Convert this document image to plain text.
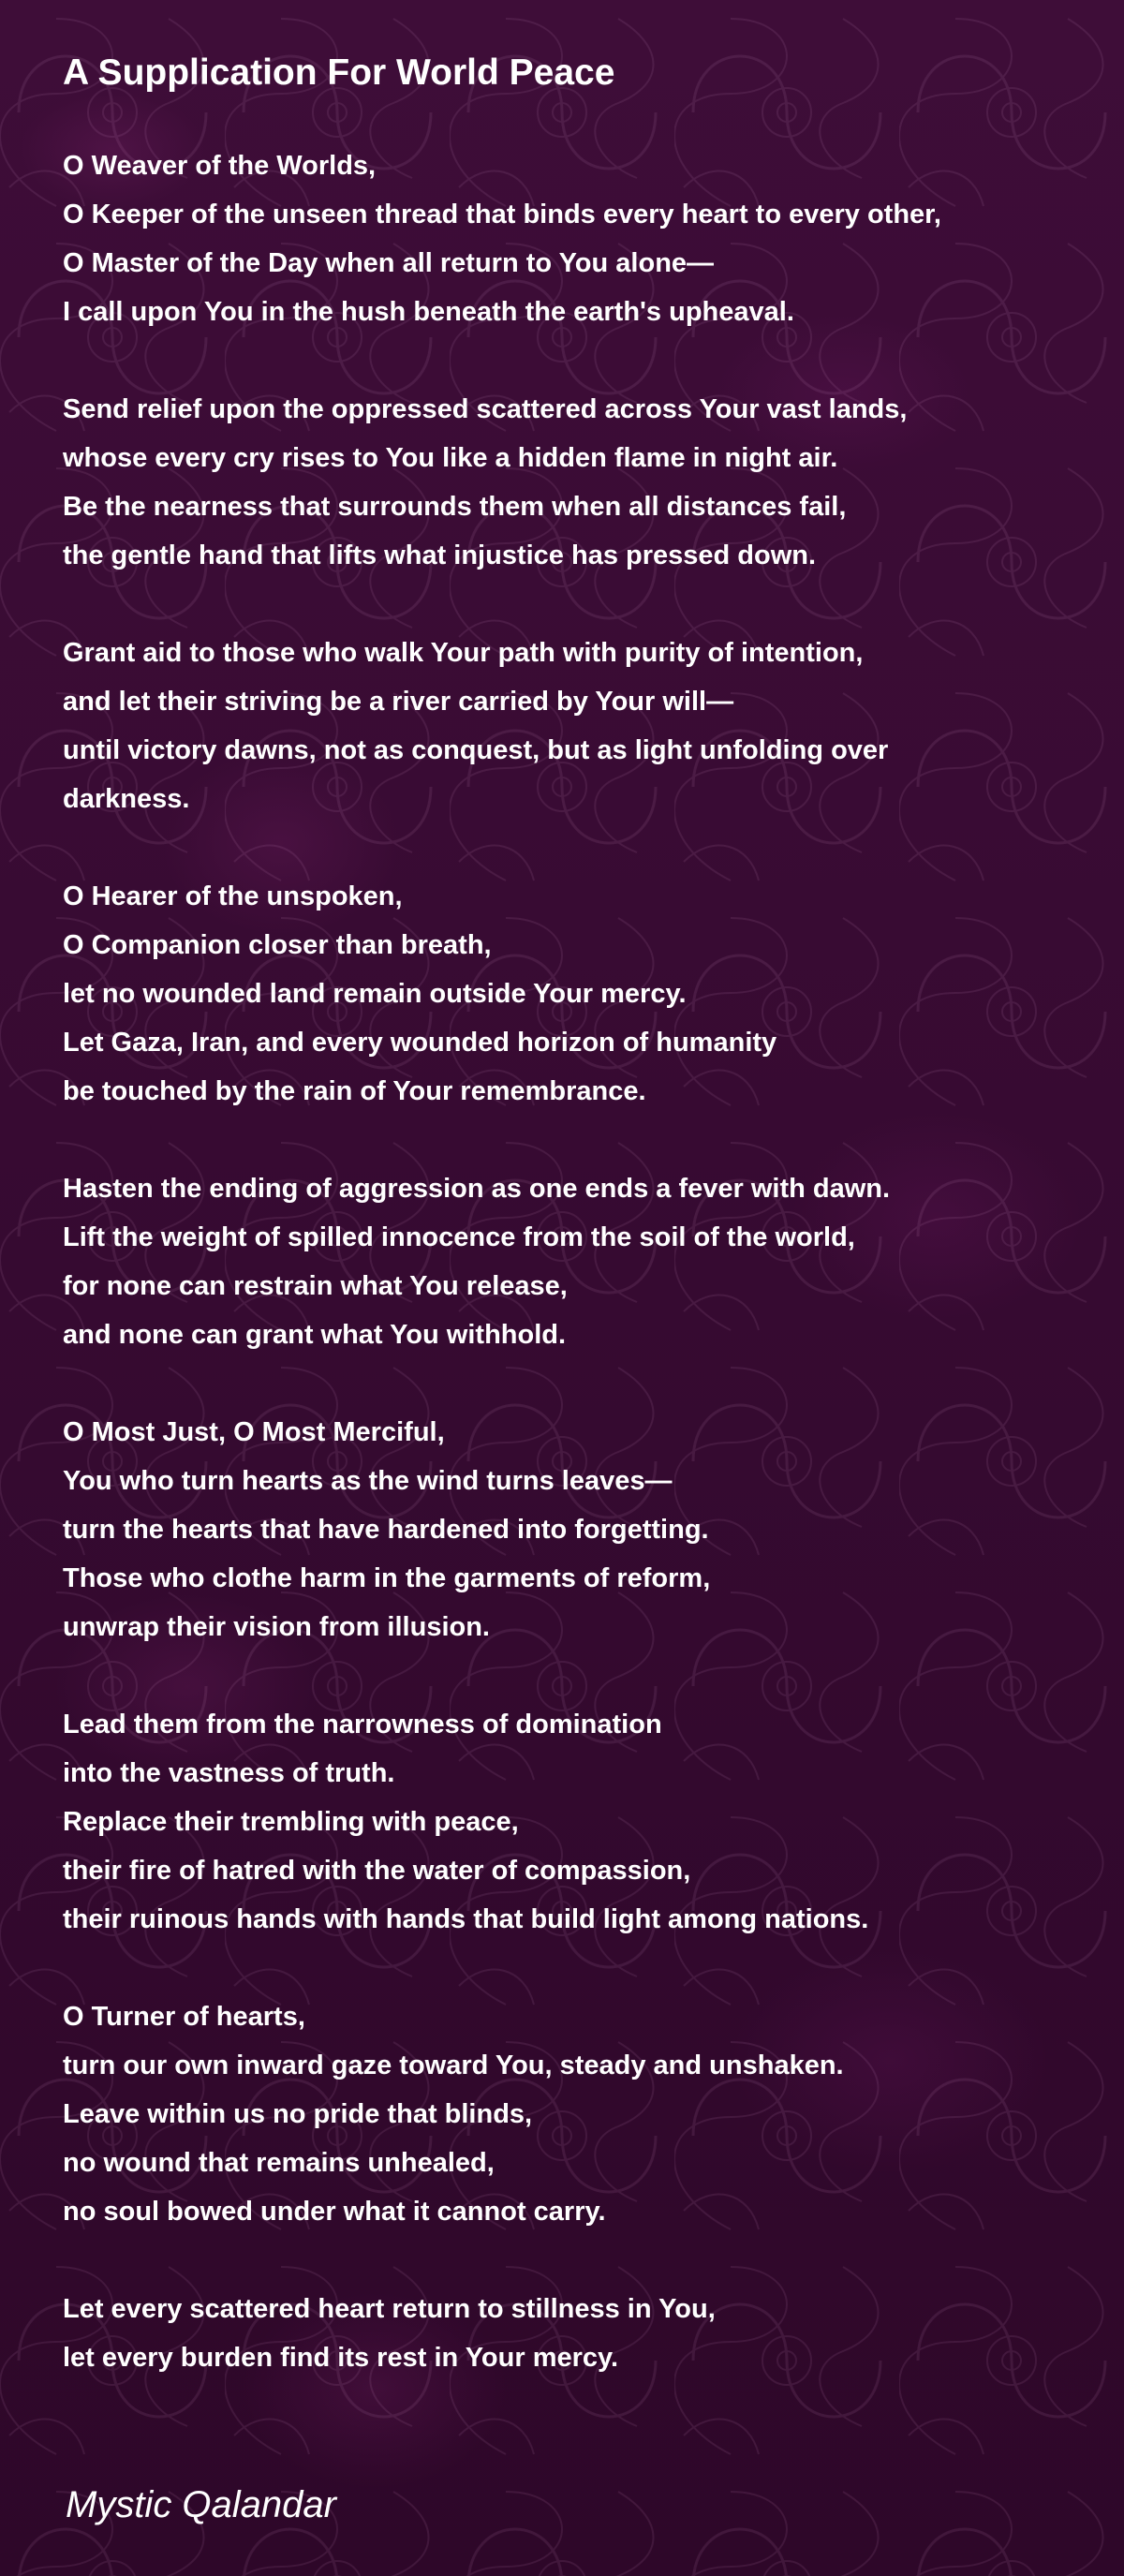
A Supplication For World Peace
O Weaver of the Worlds,
O Keeper of the unseen thread that binds every heart to every other,
O Master of the Day when all return to You alone—
I call upon You in the hush beneath the earth's upheaval.
Send relief upon the oppressed scattered across Your vast lands,
whose every cry rises to You like a hidden flame in night air.
Be the nearness that surrounds them when all distances fail,
the gentle hand that lifts what injustice has pressed down.
Grant aid to those who walk Your path with purity of intention,
and let their striving be a river carried by Your will—
until victory dawns, not as conquest, but as light unfolding over
darkness.
O Hearer of the unspoken,
O Companion closer than breath,
let no wounded land remain outside Your mercy.
Let Gaza, Iran, and every wounded horizon of humanity
be touched by the rain of Your remembrance.
Hasten the ending of aggression as one ends a fever with dawn.
Lift the weight of spilled innocence from the soil of the world,
for none can restrain what You release,
and none can grant what You withhold.
O Most Just, O Most Merciful,
You who turn hearts as the wind turns leaves—
turn the hearts that have hardened into forgetting.
Those who clothe harm in the garments of reform,
unwrap their vision from illusion.
Lead them from the narrowness of domination
into the vastness of truth.
Replace their trembling with peace,
their fire of hatred with the water of compassion,
their ruinous hands with hands that build light among nations.
O Turner of hearts,
turn our own inward gaze toward You, steady and unshaken.
Leave within us no pride that blinds,
no wound that remains unhealed,
no soul bowed under what it cannot carry.
Let every scattered heart return to stillness in You,
let every burden find its rest in Your mercy.
Mystic Qalandar
